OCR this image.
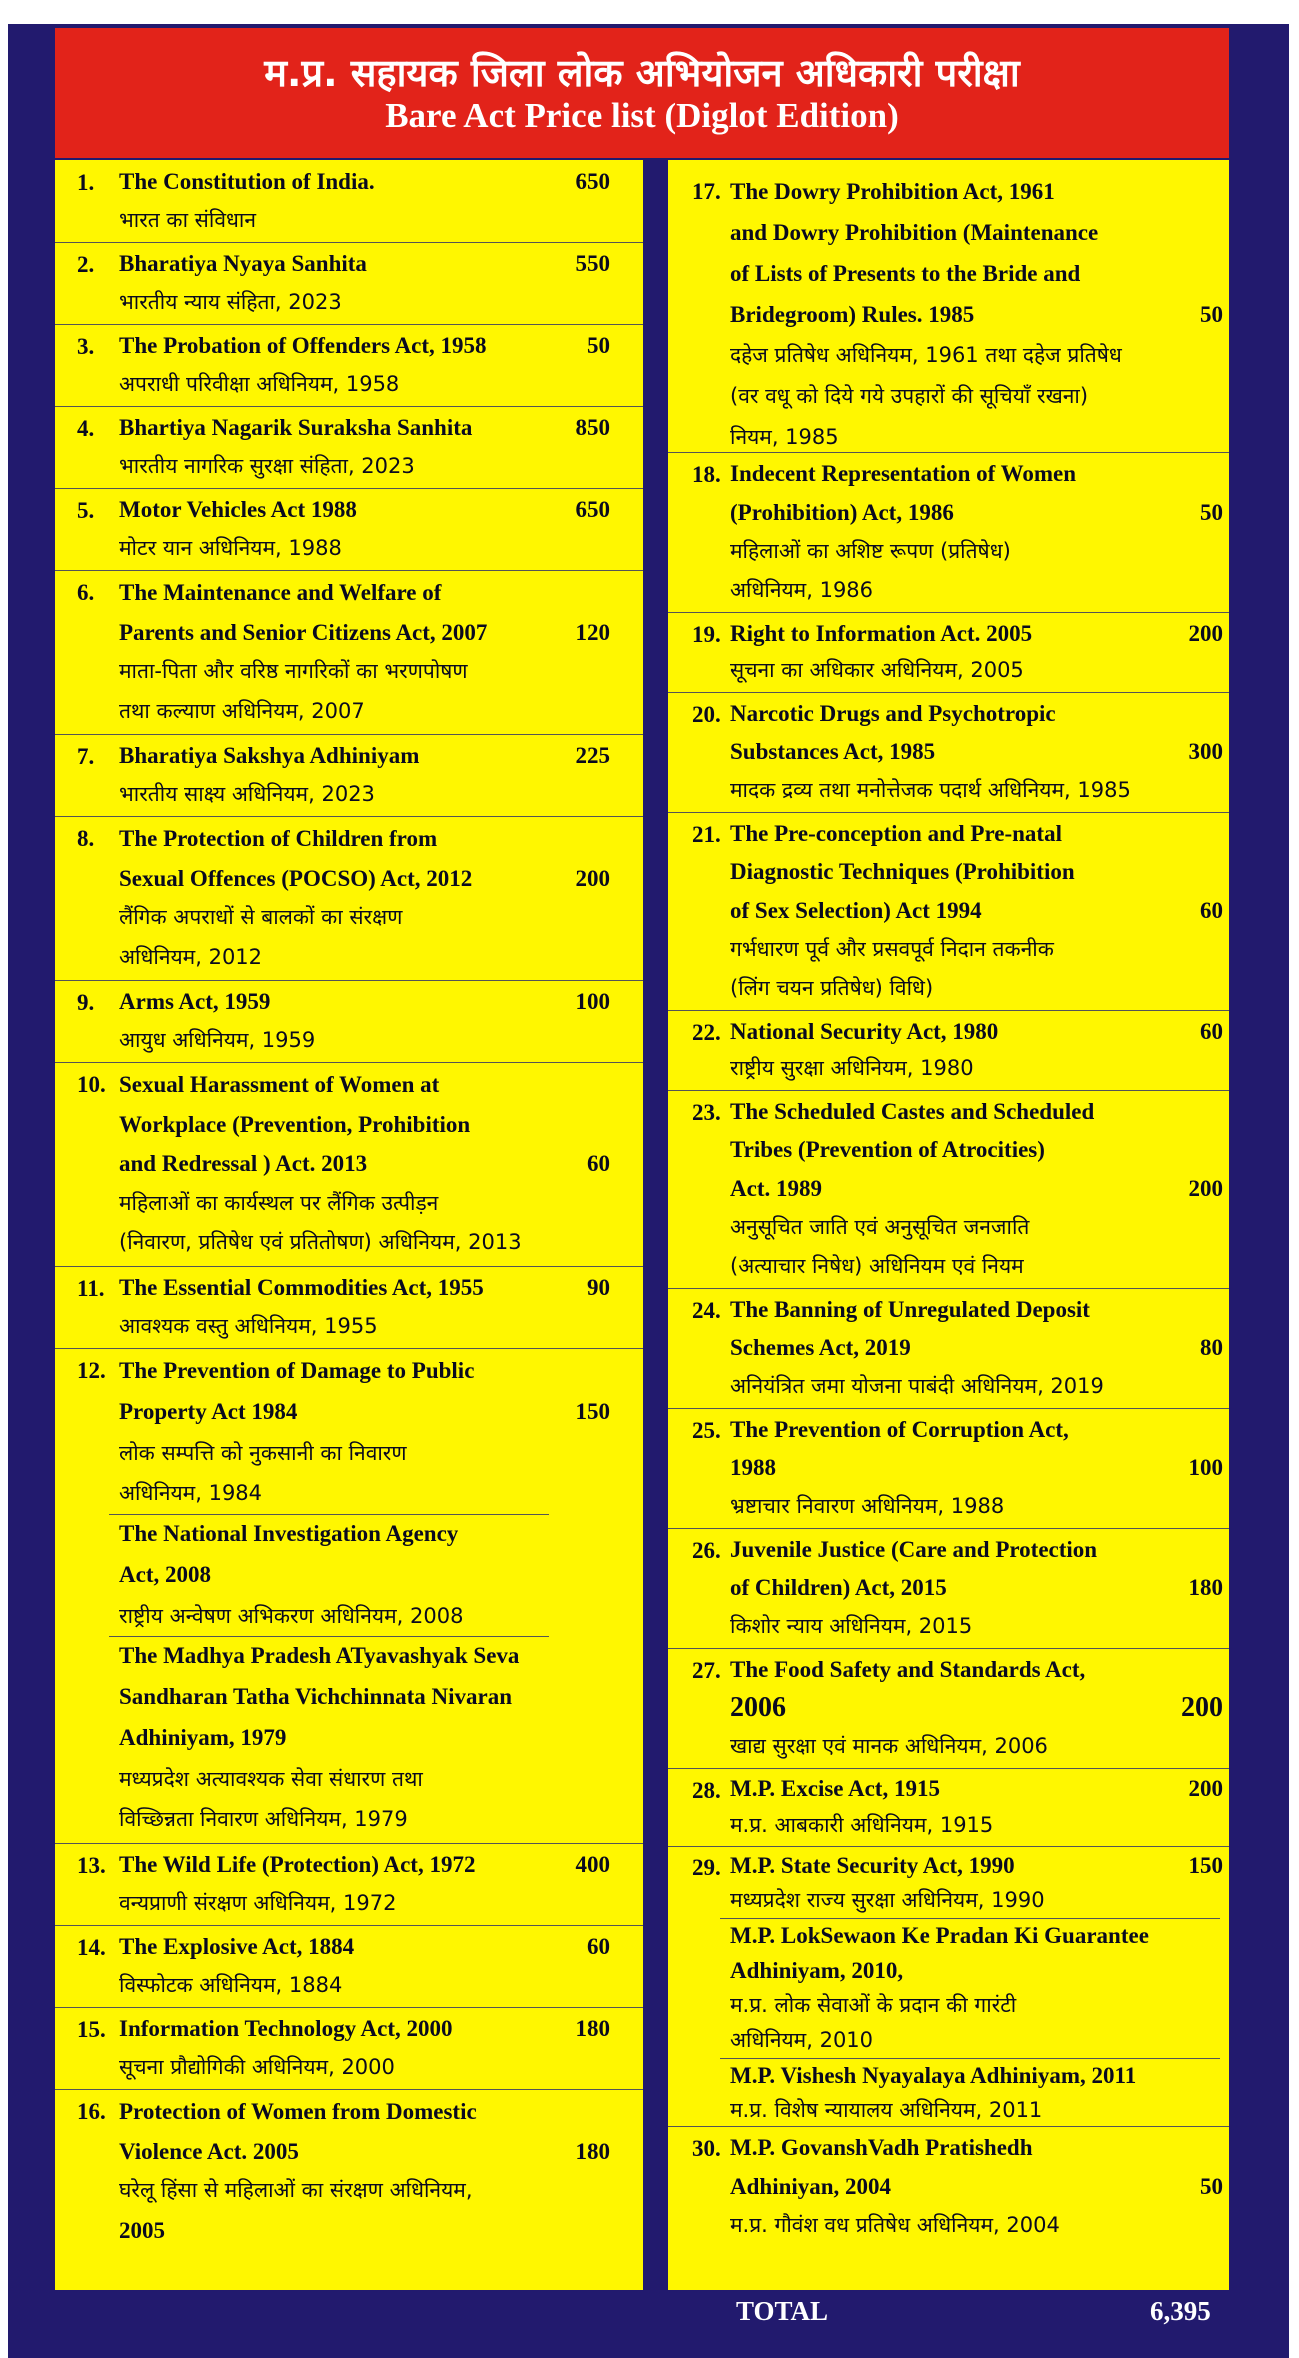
म.प्र. सहायक जिला लोक अभियोजन अधिकारी परीक्षा
Bare Act Price list (Diglot Edition)
1. The Constitution of India.
भारत का संविधान
650
2. Bharatiya Nyaya Sanhita
भारतीय न्याय संहिता, 2023
550
3. The Probation of Offenders Act, 1958
अपराधी परिवीक्षा अधिनियम, 1958
50
4. Bhartiya Nagarik Suraksha Sanhita
भारतीय नागरिक सुरक्षा संहिता, 2023
850
5. Motor Vehicles Act 1988
मोटर यान अधिनियम, 1988
650
6. The Maintenance and Welfare of
Parents and Senior Citizens Act, 2007
माता-पिता और वरिष्ठ नागरिकों का भरणपोषण
तथा कल्याण अधिनियम, 2007
120
7. Bharatiya Sakshya Adhiniyam
भारतीय साक्ष्य अधिनियम, 2023
225
8. The Protection of Children from
Sexual Offences (POCSO) Act, 2012
लैंगिक अपराधों से बालकों का संरक्षण
अधिनियम, 2012
200
9. Arms Act, 1959
आयुध अधिनियम, 1959
100
10. Sexual Harassment of Women at
Workplace (Prevention, Prohibition
and Redressal ) Act. 2013
महिलाओं का कार्यस्थल पर लैंगिक उत्पीड़न
(निवारण, प्रतिषेध एवं प्रतितोषण) अधिनियम, 2013
60
11. The Essential Commodities Act, 1955
आवश्यक वस्तु अधिनियम, 1955
90
12. The Prevention of Damage to Public
Property Act 1984
लोक सम्पत्ति को नुकसानी का निवारण
अधिनियम, 1984
The National Investigation Agency
Act, 2008
राष्ट्रीय अन्वेषण अभिकरण अधिनियम, 2008
The Madhya Pradesh ATyavashyak Seva
Sandharan Tatha Vichchinnata Nivaran
Adhiniyam, 1979
मध्यप्रदेश अत्यावश्यक सेवा संधारण तथा
विच्छिन्नता निवारण अधिनियम, 1979
150
13. The Wild Life (Protection) Act, 1972
वन्यप्राणी संरक्षण अधिनियम, 1972
400
14. The Explosive Act, 1884
विस्फोटक अधिनियम, 1884
60
15. Information Technology Act, 2000
सूचना प्रौद्योगिकी अधिनियम, 2000
180
16. Protection of Women from Domestic
Violence Act. 2005
घरेलू हिंसा से महिलाओं का संरक्षण अधिनियम,
2005
180
17. The Dowry Prohibition Act, 1961
and Dowry Prohibition (Maintenance
of Lists of Presents to the Bride and
Bridegroom) Rules. 1985
दहेज प्रतिषेध अधिनियम, 1961 तथा दहेज प्रतिषेध
(वर वधू को दिये गये उपहारों की सूचियाँ रखना)
नियम, 1985
50
18. Indecent Representation of Women
(Prohibition) Act, 1986
महिलाओं का अशिष्ट रूपण (प्रतिषेध)
अधिनियम, 1986
50
19. Right to Information Act. 2005
सूचना का अधिकार अधिनियम, 2005
200
20. Narcotic Drugs and Psychotropic
Substances Act, 1985
मादक द्रव्य तथा मनोत्तेजक पदार्थ अधिनियम, 1985
300
21. The Pre-conception and Pre-natal
Diagnostic Techniques (Prohibition
of Sex Selection) Act 1994
गर्भधारण पूर्व और प्रसवपूर्व निदान तकनीक
(लिंग चयन प्रतिषेध) विधि)
60
22. National Security Act, 1980
राष्ट्रीय सुरक्षा अधिनियम, 1980
60
23. The Scheduled Castes and Scheduled
Tribes (Prevention of Atrocities)
Act. 1989
अनुसूचित जाति एवं अनुसूचित जनजाति
(अत्याचार निषेध) अधिनियम एवं नियम
200
24. The Banning of Unregulated Deposit
Schemes Act, 2019
अनियंत्रित जमा योजना पाबंदी अधिनियम, 2019
80
25. The Prevention of Corruption Act,
1988
भ्रष्टाचार निवारण अधिनियम, 1988
100
26. Juvenile Justice (Care and Protection
of Children) Act, 2015
किशोर न्याय अधिनियम, 2015
180
27. The Food Safety and Standards Act,
2006
खाद्य सुरक्षा एवं मानक अधिनियम, 2006
200
28. M.P. Excise Act, 1915
म.प्र. आबकारी अधिनियम, 1915
200
29. M.P. State Security Act, 1990
मध्यप्रदेश राज्य सुरक्षा अधिनियम, 1990
M.P. LokSewaon Ke Pradan Ki Guarantee
Adhiniyam, 2010,
म.प्र. लोक सेवाओं के प्रदान की गारंटी
अधिनियम, 2010
M.P. Vishesh Nyayalaya Adhiniyam, 2011
म.प्र. विशेष न्यायालय अधिनियम, 2011
150
30. M.P. GovanshVadh Pratishedh
Adhiniyan, 2004
म.प्र. गौवंश वध प्रतिषेध अधिनियम, 2004
50
TOTAL	6,395
